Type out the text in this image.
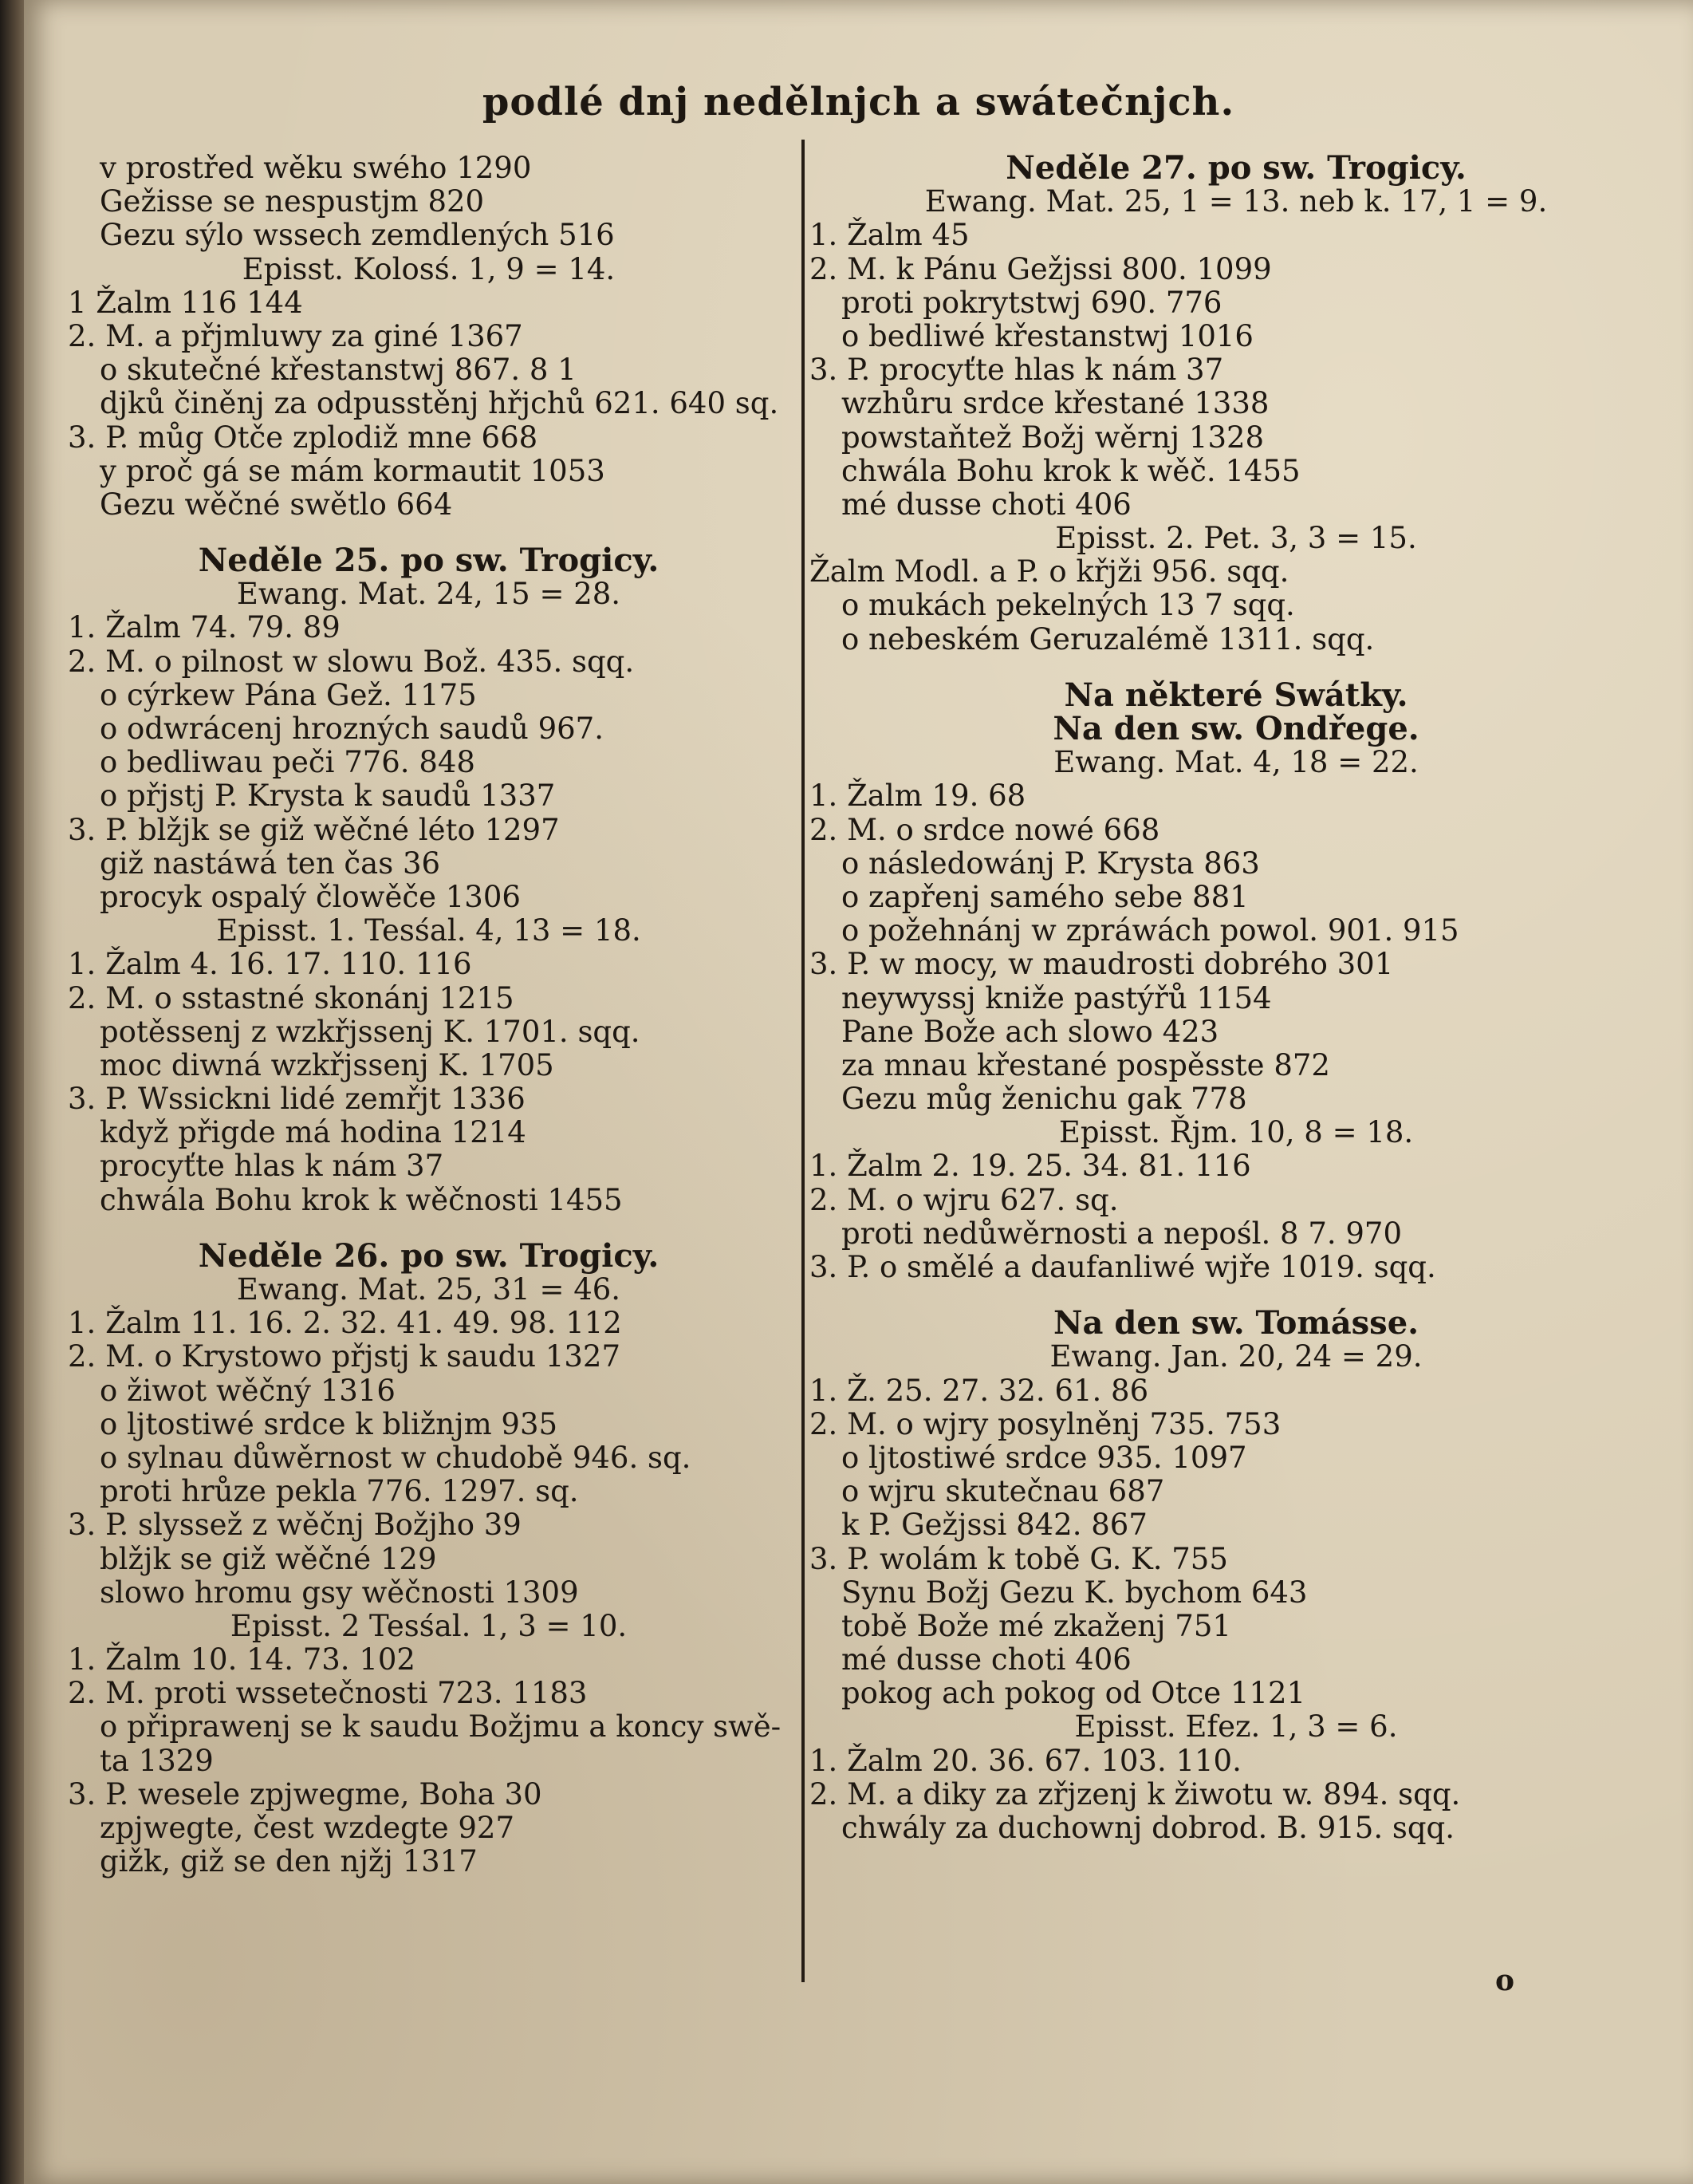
podlé dnj nedělnjch a swátečnjch.
v prostřed wěku swého 1290
Gežisse se nespustjm 820
Gezu sýlo wssech zemdlených 516
Episst. Kolosś. 1, 9 = 14.
1 Žalm 116 144
2. M. a přjmluwy za giné 1367
o skutečné křestanstwj 867. 8 1
djků činěnj za odpusstěnj hřjchů 621. 640 sq.
3. P. můg Otče zplodiž mne 668
y proč gá se mám kormautit 1053
Gezu wěčné swětlo 664
Neděle 25. po sw. Trogicy.
Ewang. Mat. 24, 15 = 28.
1. Žalm 74. 79. 89
2. M. o pilnost w slowu Bož. 435. sqq.
o cýrkew Pána Gež. 1175
o odwrácenj hrozných saudů 967.
o bedliwau peči 776. 848
o přjstj P. Krysta k saudů 1337
3. P. blžjk se giž wěčné léto 1297
giž nastáwá ten čas 36
procyk ospalý člowěče 1306
Episst. 1. Tesśal. 4, 13 = 18.
1. Žalm 4. 16. 17. 110. 116
2. M. o sstastné skonánj 1215
potěssenj z wzkřjssenj K. 1701. sqq.
moc diwná wzkřjssenj K. 1705
3. P. Wssickni lidé zemřjt 1336
když přigde má hodina 1214
procyťte hlas k nám 37
chwála Bohu krok k wěčnosti 1455
Neděle 26. po sw. Trogicy.
Ewang. Mat. 25, 31 = 46.
1. Žalm 11. 16. 2. 32. 41. 49. 98. 112
2. M. o Krystowo přjstj k saudu 1327
o žiwot wěčný 1316
o ljtostiwé srdce k bližnjm 935
o sylnau důwěrnost w chudobě 946. sq.
proti hrůze pekla 776. 1297. sq.
3. P. slyssež z wěčnj Božjho 39
blžjk se giž wěčné 129
slowo hromu gsy wěčnosti 1309
Episst. 2 Tesśal. 1, 3 = 10.
1. Žalm 10. 14. 73. 102
2. M. proti wssetečnosti 723. 1183
o připrawenj se k saudu Božjmu a koncy swě-
ta 1329
3. P. wesele zpjwegme, Boha 30
zpjwegte, čest wzdegte 927
gižk, giž se den njžj 1317
Neděle 27. po sw. Trogicy.
Ewang. Mat. 25, 1 = 13. neb k. 17, 1 = 9.
1. Žalm 45
2. M. k Pánu Gežjssi 800. 1099
proti pokrytstwj 690. 776
o bedliwé křestanstwj 1016
3. P. procyťte hlas k nám 37
wzhůru srdce křestané 1338
powstaňtež Božj wěrnj 1328
chwála Bohu krok k wěč. 1455
mé dusse choti 406
Episst. 2. Pet. 3, 3 = 15.
Žalm Modl. a P. o křjži 956. sqq.
o mukách pekelných 13 7 sqq.
o nebeském Geruzalémě 1311. sqq.
Na některé Swátky.
Na den sw. Ondřege.
Ewang. Mat. 4, 18 = 22.
1. Žalm 19. 68
2. M. o srdce nowé 668
o následowánj P. Krysta 863
o zapřenj samého sebe 881
o požehnánj w zpráwách powol. 901. 915
3. P. w mocy, w maudrosti dobrého 301
neywyssj kniže pastýřů 1154
Pane Bože ach slowo 423
za mnau křestané pospěsste 872
Gezu můg ženichu gak 778
Episst. Řjm. 10, 8 = 18.
1. Žalm 2. 19. 25. 34. 81. 116
2. M. o wjru 627. sq.
proti nedůwěrnosti a nepośl. 8 7. 970
3. P. o smělé a daufanliwé wjře 1019. sqq.
Na den sw. Tomásse.
Ewang. Jan. 20, 24 = 29.
1. Ž. 25. 27. 32. 61. 86
2. M. o wjry posylněnj 735. 753
o ljtostiwé srdce 935. 1097
o wjru skutečnau 687
k P. Gežjssi 842. 867
3. P. wolám k tobě G. K. 755
Synu Božj Gezu K. bychom 643
tobě Bože mé zkaženj 751
mé dusse choti 406
pokog ach pokog od Otce 1121
Episst. Efez. 1, 3 = 6.
1. Žalm 20. 36. 67. 103. 110.
2. M. a diky za zřjzenj k žiwotu w. 894. sqq.
chwály za duchownj dobrod. B. 915. sqq.
o
